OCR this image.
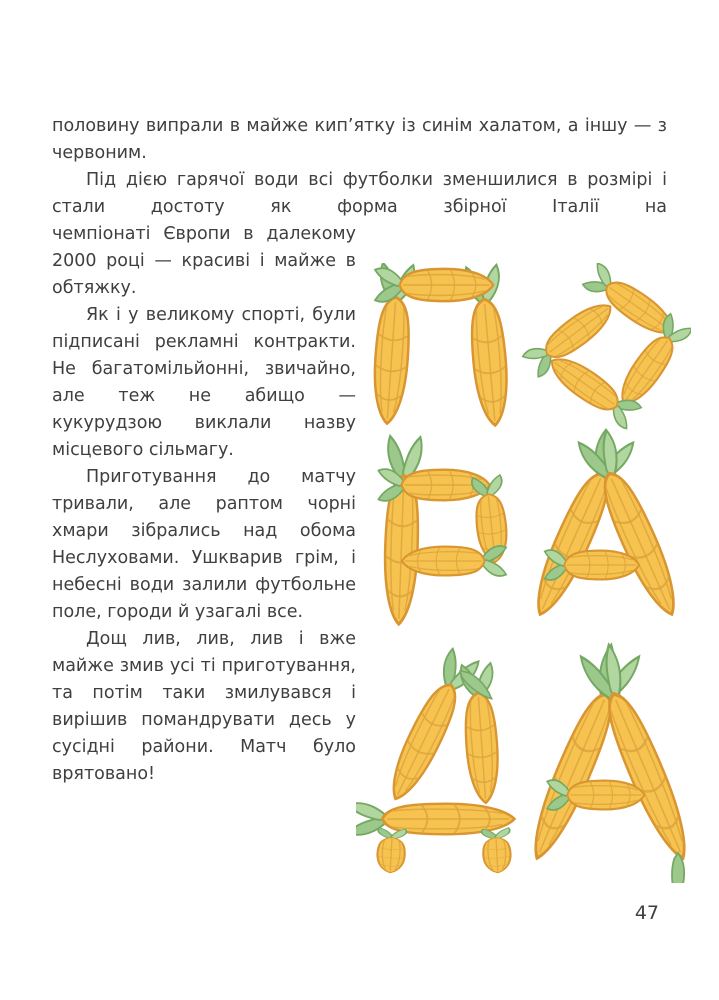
половину випрали в майже кип’ятку із синім халатом, а іншу — з червоним.

Під дією гарячої води всі футболки зменшилися в розмірі і стали достоту як форма збірної Італії на

чемпіонаті Європи в далекому 2000 році — красиві і майже в обтяжку.

Як і у великому спорті, були підписані рекламні контракти. Не багатомільйонні, звичайно, але теж не абищо — кукурудзою виклали назву місцевого сільмагу.

Приготування до матчу тривали, але раптом чорні хмари зібрались над обома Неслуховами. Ушкварив грім, і небесні води залили футбольне поле, городи й узагалі все.

Дощ лив, лив, лив і вже майже змив усі ті приготування, та потім таки змилувався і вирішив помандрувати десь у сусідні райони. Матч було врятовано!

47
